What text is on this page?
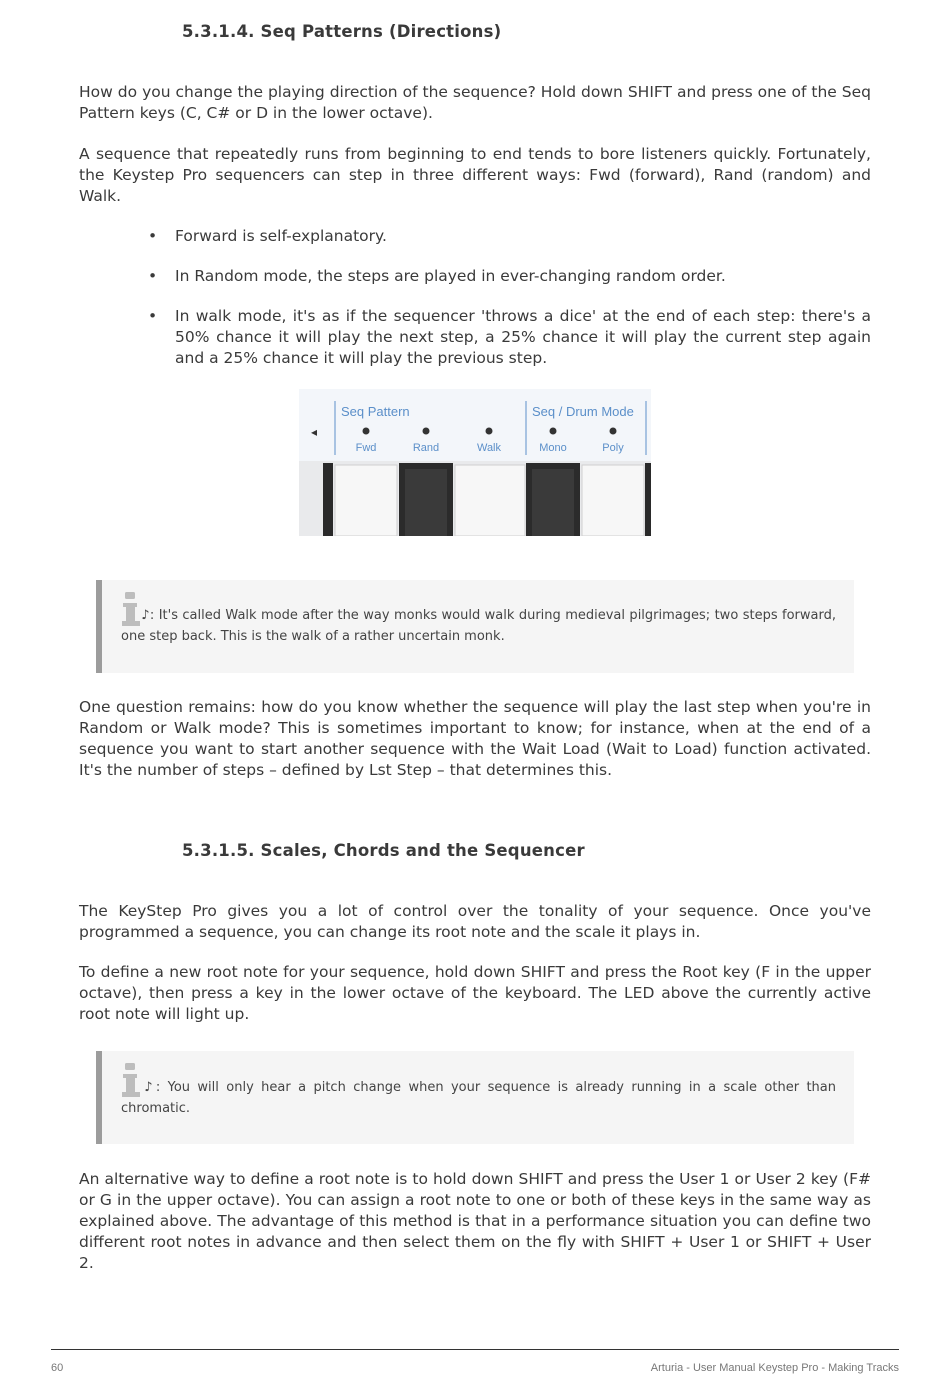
5.3.1.4. Seq Patterns (Directions)

How do you change the playing direction of the sequence? Hold down SHIFT and press one of the Seq Pattern keys (C, C# or D in the lower octave).

A sequence that repeatedly runs from beginning to end tends to bore listeners quickly. Fortunately, the Keystep Pro sequencers can step in three different ways: Fwd (forward), Rand (random) and Walk.

• Forward is self-explanatory.
• In Random mode, the steps are played in ever-changing random order.
• In walk mode, it's as if the sequencer 'throws a dice' at the end of each step: there's a 50% chance it will play the next step, a 25% chance it will play the current step again and a 25% chance it will play the previous step.
Seq Pattern	Seq / Drum Mode
◂
Fwd	Rand	Walk	Mono	Poly

♪: It's called Walk mode after the way monks would walk during medieval pilgrimages; two steps forward, one step back. This is the walk of a rather uncertain monk.

One question remains: how do you know whether the sequence will play the last step when you're in Random or Walk mode? This is sometimes important to know; for instance, when at the end of a sequence you want to start another sequence with the Wait Load (Wait to Load) function activated. It's the number of steps – defined by Lst Step – that determines this.

5.3.1.5. Scales, Chords and the Sequencer

The KeyStep Pro gives you a lot of control over the tonality of your sequence. Once you've programmed a sequence, you can change its root note and the scale it plays in.

To define a new root note for your sequence, hold down SHIFT and press the Root key (F in the upper octave), then press a key in the lower octave of the keyboard. The LED above the currently active root note will light up.

♪: You will only hear a pitch change when your sequence is already running in a scale other than chromatic.

An alternative way to define a root note is to hold down SHIFT and press the User 1 or User 2 key (F# or G in the upper octave). You can assign a root note to one or both of these keys in the same way as explained above. The advantage of this method is that in a performance situation you can define two different root notes in advance and then select them on the fly with SHIFT + User 1 or SHIFT + User 2.

60	Arturia - User Manual Keystep Pro - Making Tracks
